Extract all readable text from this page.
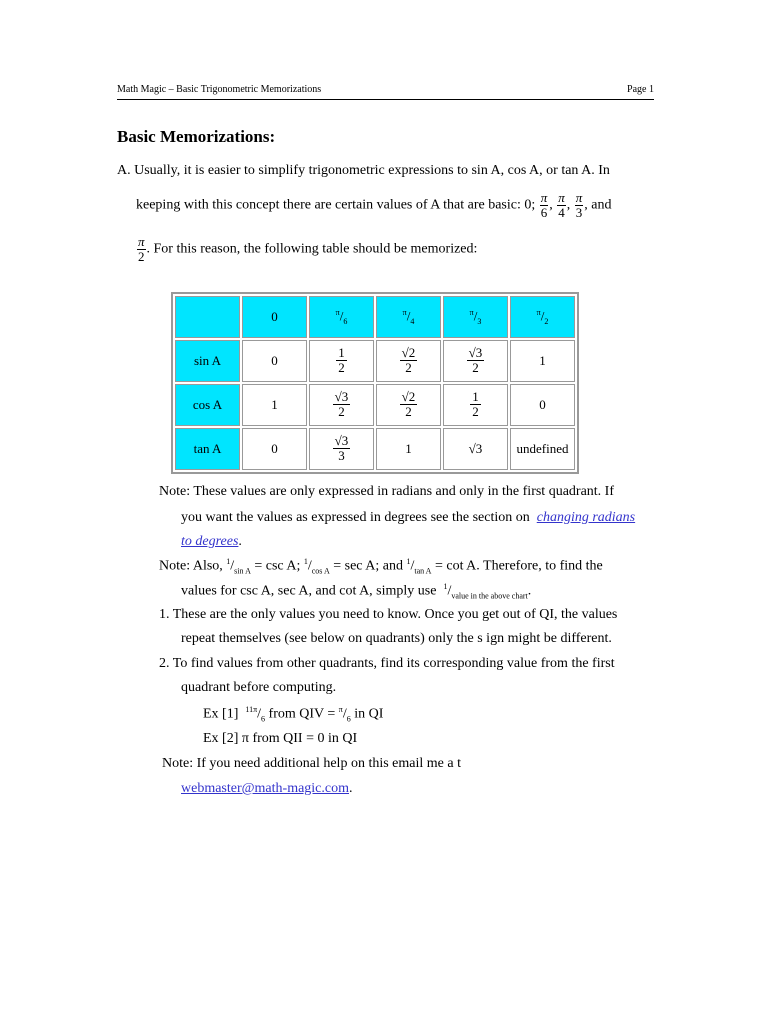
Math Magic – Basic Trigonometric Memorizations	Page 1
Basic Memorizations:
A. Usually, it is easier to simplify trigonometric expressions to sin A, cos A, or tan A. In
keeping with this concept there are certain values of A that are basic: 0; $\frac{\pi}{6}$ , $\frac{\pi}{4}$ , $\frac{\pi}{3}$ , and
$\frac{\pi}{2}$ . For this reason, the following table should be memorized:
	0	$^\pi/_6$	$^\pi/_4$	$^\pi/_3$	$^\pi/_2$
sin A	0	$\frac{1}{2}$	$\frac{√2}{2}$	$\frac{√3}{2}$	1
cos A	1	$\frac{√3}{2}$	$\frac{√2}{2}$	$\frac{1}{2}$	0
tan A	0	$\frac{√3}{3}$	1	√3	undefined
Note: These values are only expressed in radians and only in the first quadrant. If
you want the values as expressed in degrees see the section on changing radians
to degrees.
Note: Also, $^1/_{sin A} = \csc A$; $^1/_{cos A} = \sec A$; and $^1/_{tan A} = \cot A$. Therefore, to find the
values for csc A, sec A, and cot A, simply use $^1/_{value in the above chart}$.
1. These are the only values you need to know. Once you get out of QI, the values
repeat themselves (see below on quadrants) only the s ign might be different.
2. To find values from other quadrants, find its corresponding value from the first
quadrant before computing.
Ex [1] $^{11\pi}/_6$ from QIV = $^\pi/_6$ in QI
Ex [2] π from QII = 0 in QI
Note: If you need additional help on this email me a t
webmaster@math-magic.com.
